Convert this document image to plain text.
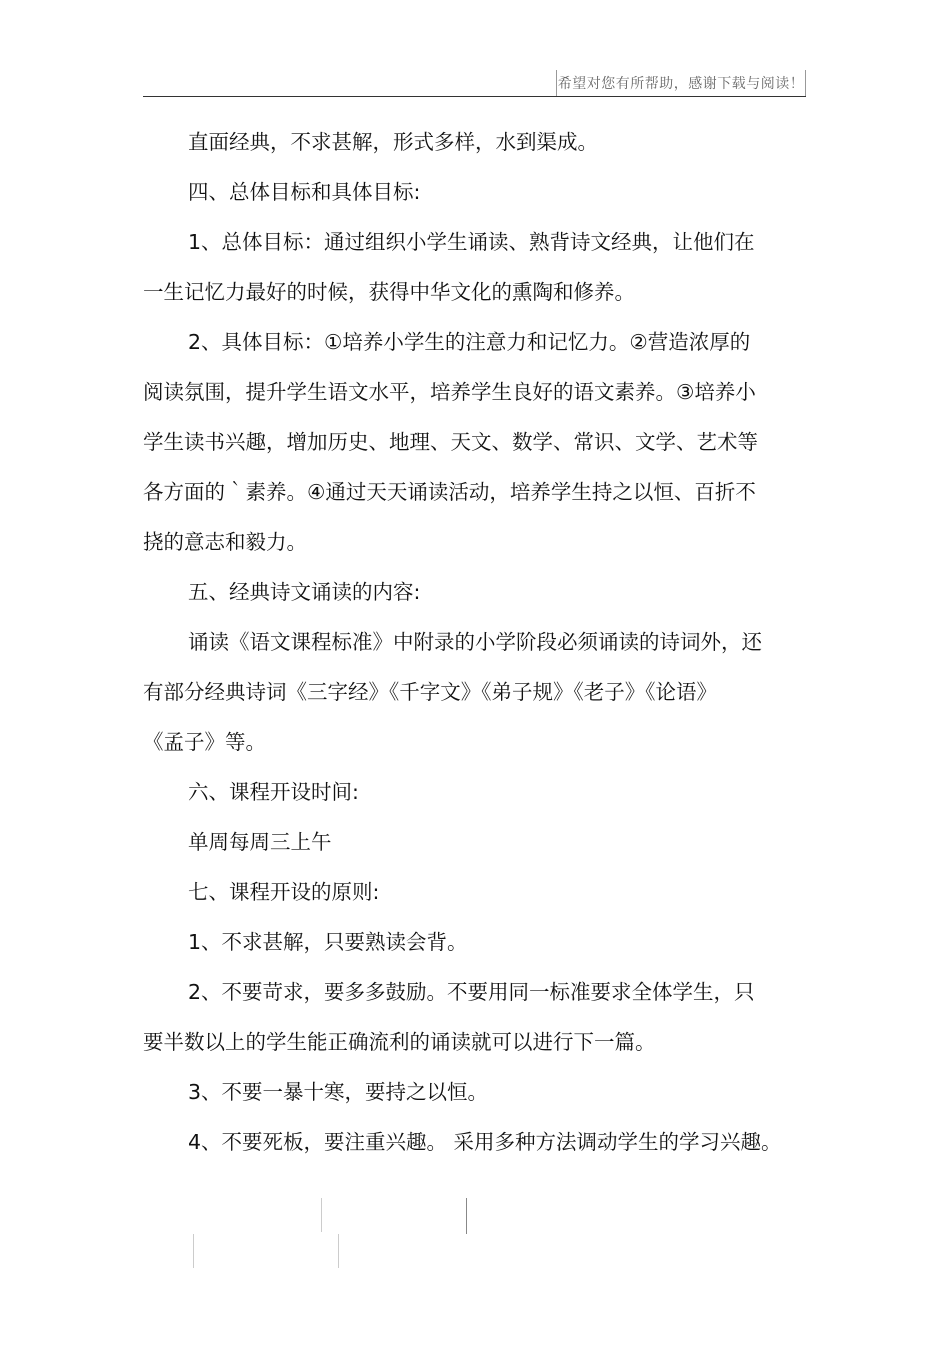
希望对您有所帮助，感谢下载与阅读！
直面经典，不求甚解，形式多样，水到渠成。
四、总体目标和具体目标:
1、总体目标：通过组织小学生诵读、熟背诗文经典，让他们在
一生记忆力最好的时候，获得中华文化的熏陶和修养。
2、具体目标：①培养小学生的注意力和记忆力。②营造浓厚的
阅读氛围，提升学生语文水平，培养学生良好的语文素养。③培养小
学生读书兴趣，增加历史、地理、天文、数学、常识、文学、艺术等
各方面的｀素养。④通过天天诵读活动，培养学生持之以恒、百折不
挠的意志和毅力。
五、经典诗文诵读的内容:
诵读《语文课程标准》中附录的小学阶段必须诵读的诗词外，还
有部分经典诗词《三字经》《千字文》《弟子规》《老子》《论语》
《孟子》等。
六、课程开设时间:
单周每周三上午
七、课程开设的原则:
1、不求甚解，只要熟读会背。
2、不要苛求，要多多鼓励。不要用同一标准要求全体学生，只
要半数以上的学生能正确流利的诵读就可以进行下一篇。
3、不要一暴十寒，要持之以恒。
4、不要死板，要注重兴趣。 采用多种方法调动学生的学习兴趣。
